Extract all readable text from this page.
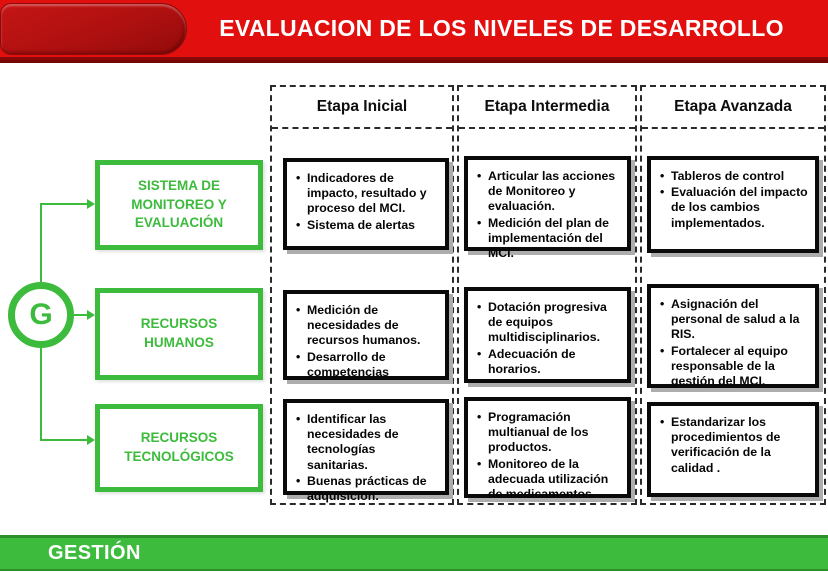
EVALUACION DE LOS NIVELES DE DESARROLLO
Etapa Inicial	Etapa Intermedia	Etapa Avanzada
G
SISTEMA DE MONITOREO Y EVALUACIÓN
RECURSOS HUMANOS
RECURSOS TECNOLÓGICOS
• Indicadores de impacto, resultado y proceso del MCI.
• Sistema de alertas
• Articular las acciones de Monitoreo y evaluación.
• Medición del plan de implementación del MCI.
• Tableros de control
• Evaluación del impacto de los cambios implementados.
• Medición de necesidades de recursos humanos.
• Desarrollo de competencias
• Dotación progresiva de equipos multidisciplinarios.
• Adecuación de horarios.
• Asignación del personal de salud a la RIS.
• Fortalecer al equipo responsable de la gestión del MCI.
• Identificar las necesidades de tecnologías sanitarias.
• Buenas prácticas de adquisición.
• Programación multianual de los productos.
• Monitoreo de la adecuada utilización de medicamentos.
• Estandarizar los procedimientos de verificación de la calidad .
GESTIÓN
